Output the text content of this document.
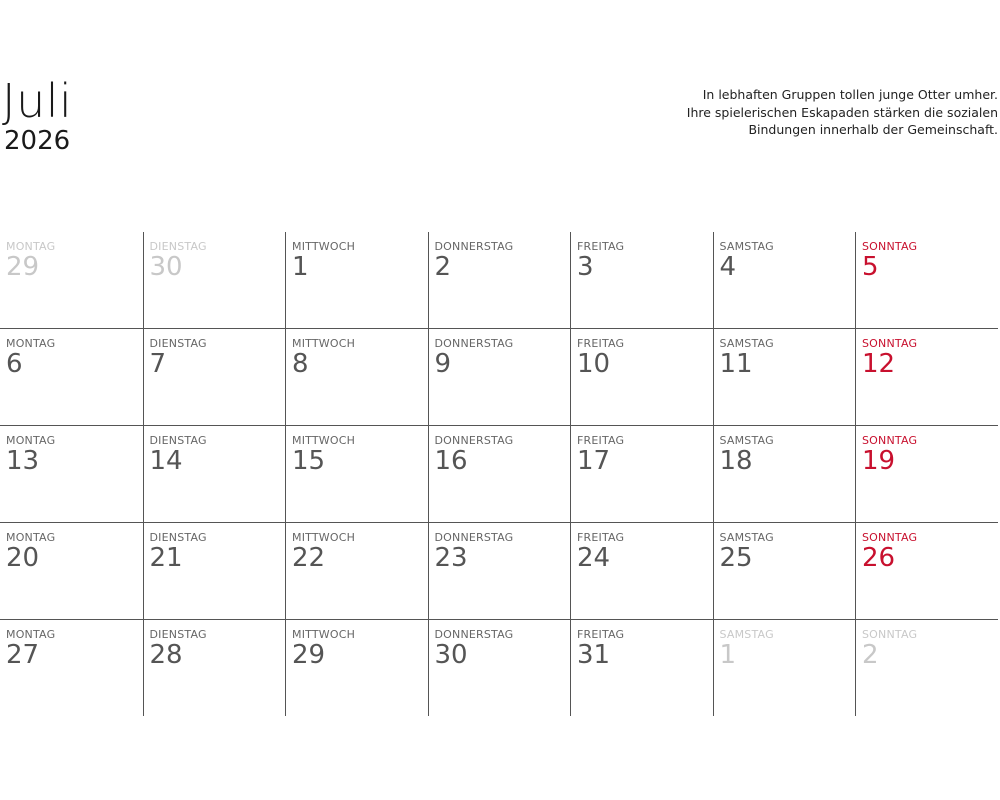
Juli
2026
In lebhaften Gruppen tollen junge Otter umher.
Ihre spielerischen Eskapaden stärken die sozialen
Bindungen innerhalb der Gemeinschaft.
MONTAG
29
DIENSTAG
30
MITTWOCH
1
DONNERSTAG
2
FREITAG
3
SAMSTAG
4
SONNTAG
5
MONTAG
6
DIENSTAG
7
MITTWOCH
8
DONNERSTAG
9
FREITAG
10
SAMSTAG
11
SONNTAG
12
MONTAG
13
DIENSTAG
14
MITTWOCH
15
DONNERSTAG
16
FREITAG
17
SAMSTAG
18
SONNTAG
19
MONTAG
20
DIENSTAG
21
MITTWOCH
22
DONNERSTAG
23
FREITAG
24
SAMSTAG
25
SONNTAG
26
MONTAG
27
DIENSTAG
28
MITTWOCH
29
DONNERSTAG
30
FREITAG
31
SAMSTAG
1
SONNTAG
2
